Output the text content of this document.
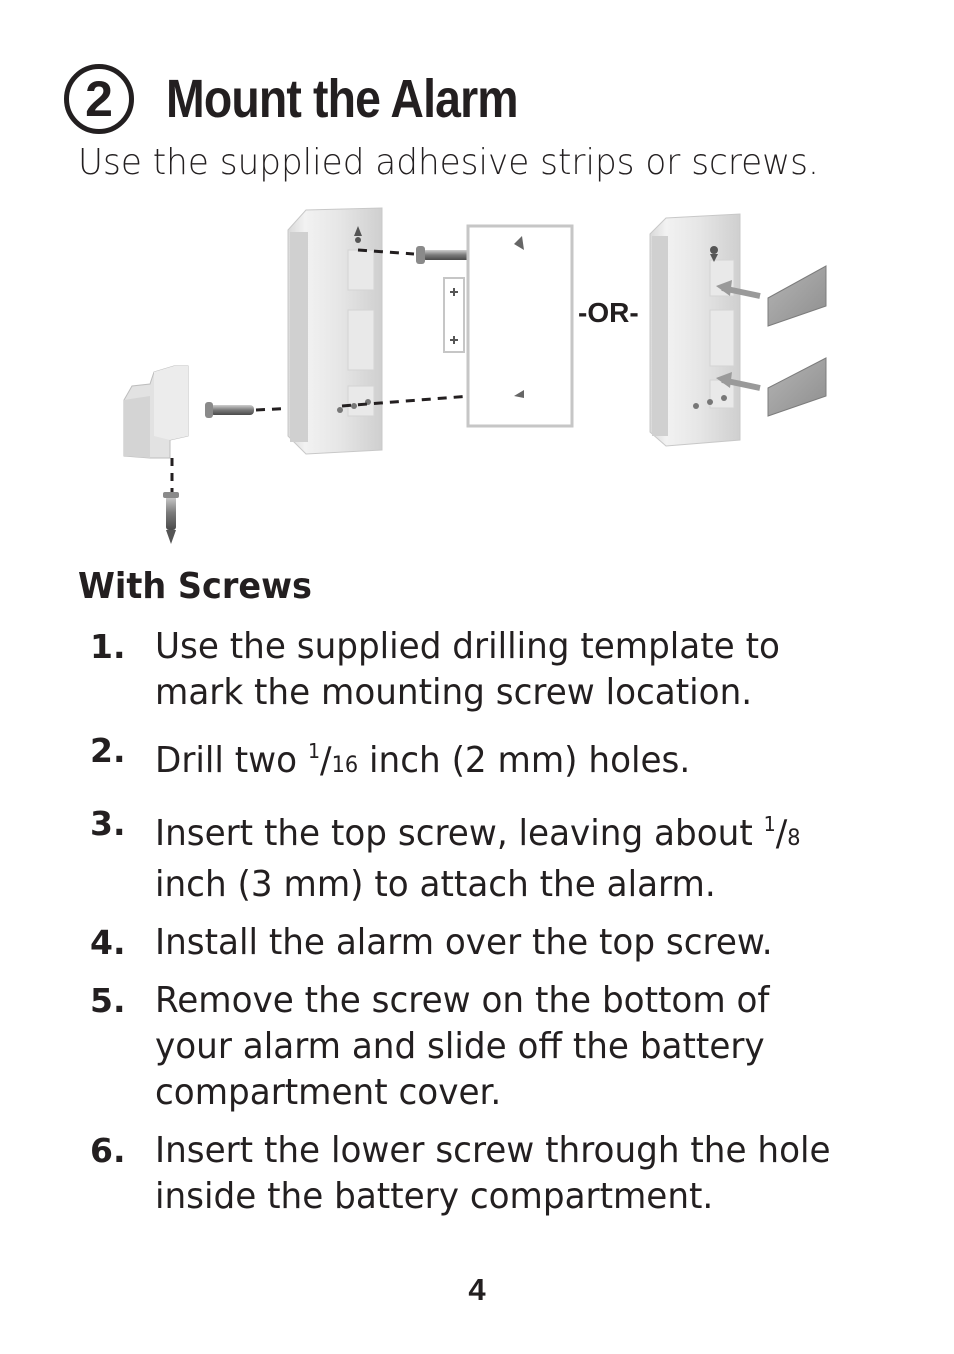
2 Mount the Alarm
Use the supplied adhesive strips or screws.
-OR-
With Screws
1. Use the supplied drilling template to
mark the mounting screw location.
2. Drill two $^1$/16 inch (2 mm) holes.
3. Insert the top screw, leaving about $^1$/8
inch (3 mm) to attach the alarm.
4. Install the alarm over the top screw.
5. Remove the screw on the bottom of
your alarm and slide off the battery
compartment cover.
6. Insert the lower screw through the hole
inside the battery compartment.
4
